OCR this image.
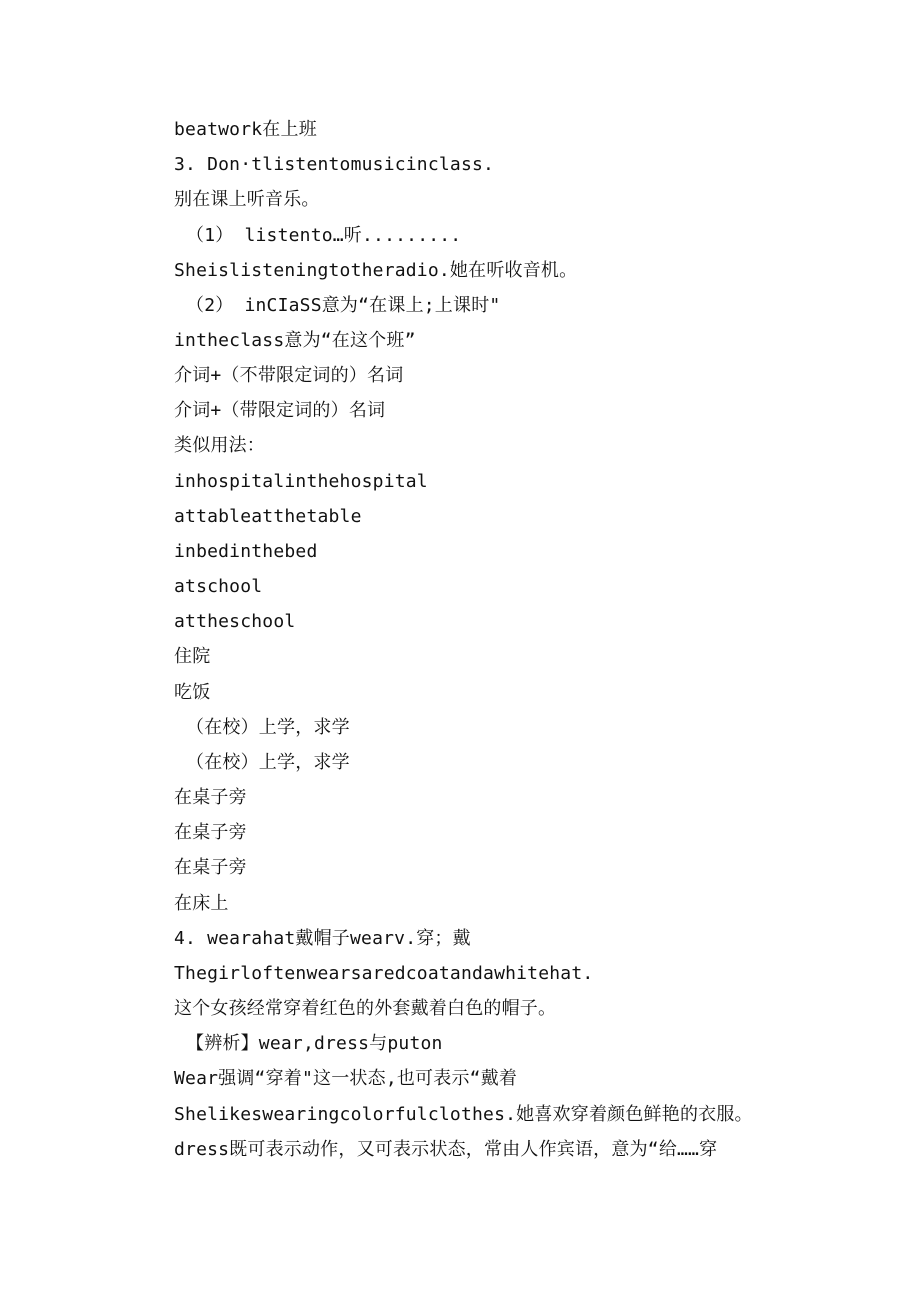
beatwork在上班
3. Don·tlistentomusicinclass.
别在课上听音乐。
（1） listento…听.........
Sheislisteningtotheradio.她在听收音机。
（2） inCIaSS意为“在课上;上课时"
intheclass意为“在这个班”
介词+（不带限定词的）名词
介词+（带限定词的）名词
类似用法：
inhospitalinthehospital
attableatthetable
inbedinthebed
atschool
attheschool
住院
吃饭
（在校）上学，求学
（在校）上学，求学
在桌子旁
在桌子旁
在桌子旁
在床上
4. wearahat戴帽子wearv.穿；戴
Thegirloftenwearsaredcoatandawhitehat.
这个女孩经常穿着红色的外套戴着白色的帽子。
【辨析】wear,dress与puton
Wear强调“穿着"这一状态,也可表示“戴着
Shelikeswearingcolorfulclothes.她喜欢穿着颜色鲜艳的衣服。
dress既可表示动作，又可表示状态，常由人作宾语，意为“给……穿
